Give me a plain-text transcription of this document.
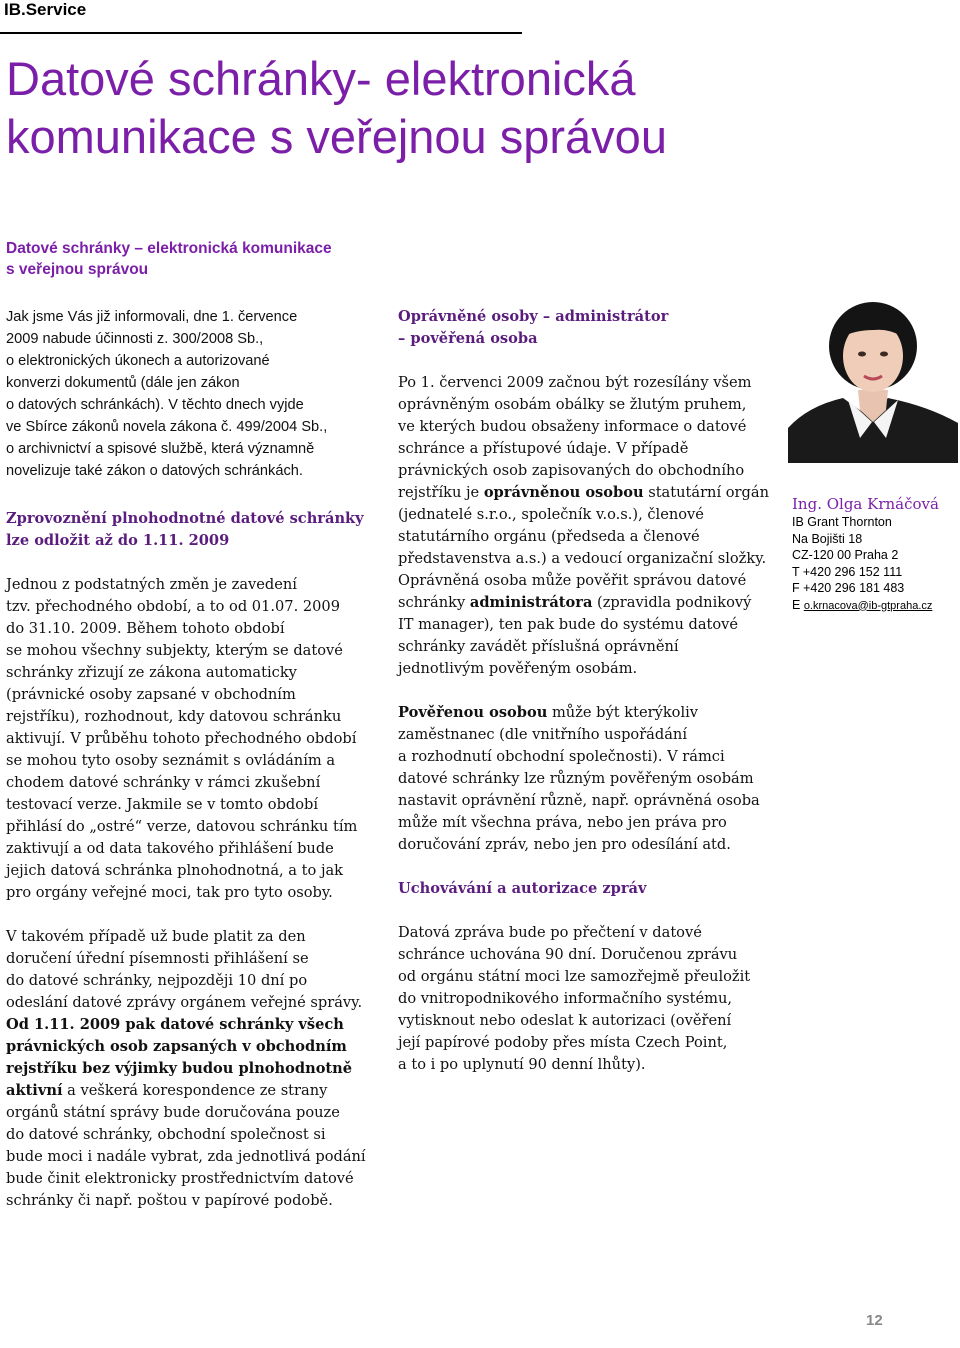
IB.Service
Datové schránky- elektronická
komunikace s veřejnou správou
Datové schránky – elektronická komunikace
s veřejnou správou

Jak jsme Vás již informovali, dne 1. července
2009 nabude účinnosti z. 300/2008 Sb.,
o elektronických úkonech a autorizované
konverzi dokumentů (dále jen zákon
o datových schránkách). V těchto dnech vyjde
ve Sbírce zákonů novela zákona č. 499/2004 Sb.,
o archivnictví a spisové službě, která významně
novelizuje také zákon o datových schránkách.

Zprovoznění plnohodnotné datové schránky
lze odložit až do 1.11. 2009

Jednou z podstatných změn je zavedení
tzv. přechodného období, a to od 01.07. 2009
do 31.10. 2009. Během tohoto období
se mohou všechny subjekty, kterým se datové
schránky zřizují ze zákona automaticky
(právnické osoby zapsané v obchodním
rejstříku), rozhodnout, kdy datovou schránku
aktivují. V průběhu tohoto přechodného období
se mohou tyto osoby seznámit s ovládáním a
chodem datové schránky v rámci zkušební
testovací verze. Jakmile se v tomto období
přihlásí do „ostré“ verze, datovou schránku tím
zaktivují a od data takového přihlášení bude
jejich datová schránka plnohodnotná, a to jak
pro orgány veřejné moci, tak pro tyto osoby.

V takovém případě už bude platit za den
doručení úřední písemnosti přihlášení se
do datové schránky, nejpozději 10 dní po
odeslání datové zprávy orgánem veřejné správy.
Od 1.11. 2009 pak datové schránky všech
právnických osob zapsaných v obchodním
rejstříku bez výjimky budou plnohodnotně
aktivní a veškerá korespondence ze strany
orgánů státní správy bude doručována pouze
do datové schránky, obchodní společnost si
bude moci i nadále vybrat, zda jednotlivá podání
bude činit elektronicky prostřednictvím datové
schránky či např. poštou v papírové podobě.

Oprávněné osoby – administrátor
– pověřená osoba

Po 1. červenci 2009 začnou být rozesílány všem
oprávněným osobám obálky se žlutým pruhem,
ve kterých budou obsaženy informace o datové
schránce a přístupové údaje. V případě
právnických osob zapisovaných do obchodního
rejstříku je oprávněnou osobou statutární orgán
(jednatelé s.r.o., společník v.o.s.), členové
statutárního orgánu (předseda a členové
představenstva a.s.) a vedoucí organizační složky.
Oprávněná osoba může pověřit správou datové
schránky administrátora (zpravidla podnikový
IT manager), ten pak bude do systému datové
schránky zavádět příslušná oprávnění
jednotlivým pověřeným osobám.

Pověřenou osobou může být kterýkoliv
zaměstnanec (dle vnitřního uspořádání
a rozhodnutí obchodní společnosti). V rámci
datové schránky lze různým pověřeným osobám
nastavit oprávnění různě, např. oprávněná osoba
může mít všechna práva, nebo jen práva pro
doručování zpráv, nebo jen pro odesílání atd.

Uchovávání a autorizace zpráv

Datová zpráva bude po přečtení v datové
schránce uchována 90 dní. Doručenou zprávu
od orgánu státní moci lze samozřejmě přeuložit
do vnitropodnikového informačního systému,
vytisknout nebo odeslat k autorizaci (ověření
její papírové podoby přes místa Czech Point,
a to i po uplynutí 90 denní lhůty).

Ing. Olga Krnáčová
IB Grant Thornton
Na Bojišti 18
CZ-120 00 Praha 2
T +420 296 152 111
F +420 296 181 483
E o.krnacova@ib-gtpraha.cz
12
